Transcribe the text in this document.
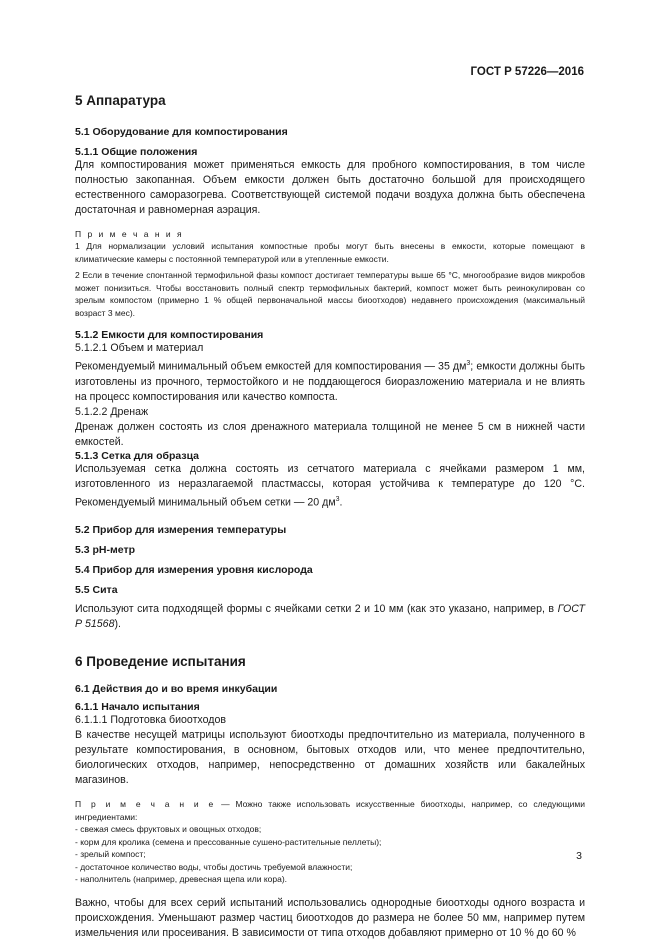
ГОСТ Р 57226—2016

5 Аппаратура

5.1 Оборудование для компостирования

5.1.1 Общие положения

Для компостирования может применяться емкость для пробного компостирования, в том числе полностью закопанная. Объем емкости должен быть достаточно большой для происходящего естественного саморазогрева. Соответствующей системой подачи воздуха должна быть обеспечена достаточная и равномерная аэрация.

П р и м е ч а н и я

1 Для нормализации условий испытания компостные пробы могут быть внесены в емкости, которые помещают в климатические камеры с постоянной температурой или в утепленные емкости.

2 Если в течение спонтанной термофильной фазы компост достигает температуры выше 65 °С, многообразие видов микробов может понизиться. Чтобы восстановить полный спектр термофильных бактерий, компост может быть реинокулирован со зрелым компостом (примерно 1 % общей первоначальной массы биоотходов) недавнего происхождения (максимальный возраст 3 мес).

5.1.2 Емкости для компостирования

5.1.2.1 Объем и материал

Рекомендуемый минимальный объем емкостей для компостирования — 35 $дм^3$; емкости должны быть изготовлены из прочного, термостойкого и не поддающегося биоразложению материала и не влиять на процесс компостирования или качество компоста.

5.1.2.2 Дренаж

Дренаж должен состоять из слоя дренажного материала толщиной не менее 5 см в нижней части емкостей.

5.1.3 Сетка для образца

Используемая сетка должна состоять из сетчатого материала с ячейками размером 1 мм, изготовленного из неразлагаемой пластмассы, которая устойчива к температуре до 120 °С. Рекомендуемый минимальный объем сетки — 20 $дм^3$.

5.2 Прибор для измерения температуры

5.3 pH-метр

5.4 Прибор для измерения уровня кислорода

5.5 Сита

Используют сита подходящей формы с ячейками сетки 2 и 10 мм (как это указано, например, в ГОСТ Р 51568).

6 Проведение испытания

6.1 Действия до и во время инкубации

6.1.1 Начало испытания

6.1.1.1 Подготовка биоотходов

В качестве несущей матрицы используют биоотходы предпочтительно из материала, полученного в результате компостирования, в основном, бытовых отходов или, что менее предпочтительно, биологических отходов, например, непосредственно от домашних хозяйств или бакалейных магазинов.

П р и м е ч а н и е — Можно также использовать искусственные биоотходы, например, со следующими ингредиентами:

- свежая смесь фруктовых и овощных отходов;

- корм для кролика (семена и прессованные сушено-растительные пеллеты);

- зрелый компост;

- достаточное количество воды, чтобы достичь требуемой влажности;

- наполнитель (например, древесная щепа или кора).

Важно, чтобы для всех серий испытаний использовались однородные биоотходы одного возраста и происхождения. Уменьшают размер частиц биоотходов до размера не более 50 мм, например путем измельчения или просеивания. В зависимости от типа отходов добавляют примерно от 10 % до 60 %

3
